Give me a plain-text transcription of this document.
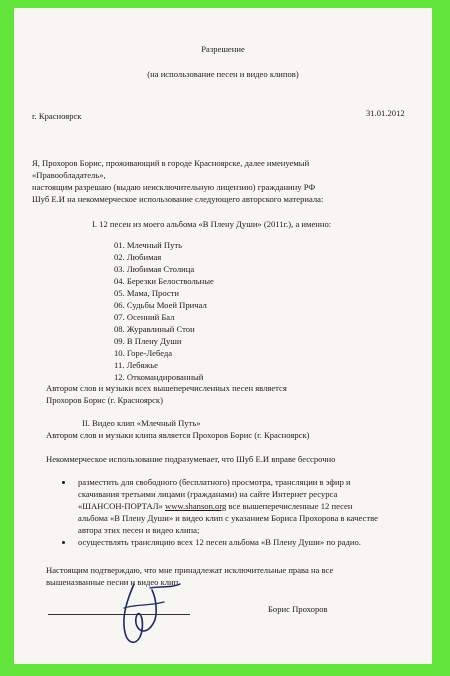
Разрешение
(на использование песен и видео клипов)
г. Красноярск	31.01.2012
Я, Прохоров Борис, проживающий в городе Красноярске, далее именуемый
«Правообладатель»,
настоящим разрешаю (выдаю неисключительную лицензию) гражданину РФ
Шуб Е.И на некоммерческое использование следующего авторского материала:
I. 12 песен из моего альбома «В Плену Души» (2011г.), а именно:
01. Млечный Путь
02. Любимая
03. Любимая Столица
04. Березки Белоствольные
05. Мама, Прости
06. Судьбы Моей Причал
07. Осенний Бал
08. Журавлиный Стон
09. В Плену Души
10. Горе-Лебеда
11. Лебяжье
12. Откомандированный
Автором слов и музыки всех вышеперечисленных песен является
Прохоров Борис (г. Красноярск)
II. Видео клип «Млечный Путь»
Автором слов и музыки клипа является Прохоров Борис (г. Красноярск)
Некоммерческое использование подразумевает, что Шуб Е.И вправе бессрочно
разместить для свободного (бесплатного) просмотра, трансляции в эфир и
скачивания третьими лицами (гражданами) на сайте Интернет ресурса
«ШАНСОН-ПОРТАЛ» www.shanson.org все вышеперечисленные 12 песен
альбома «В Плену Души» и видео клип с указанием Бориса Прохорова в качестве
автора этих песен и видео клипа;
осуществлять трансляцию всех 12 песен альбома «В Плену Души» по радио.
Настоящим подтверждаю, что мне принадлежат исключительные права на все
вышеназванные песни и видео клип.
Борис Прохоров
